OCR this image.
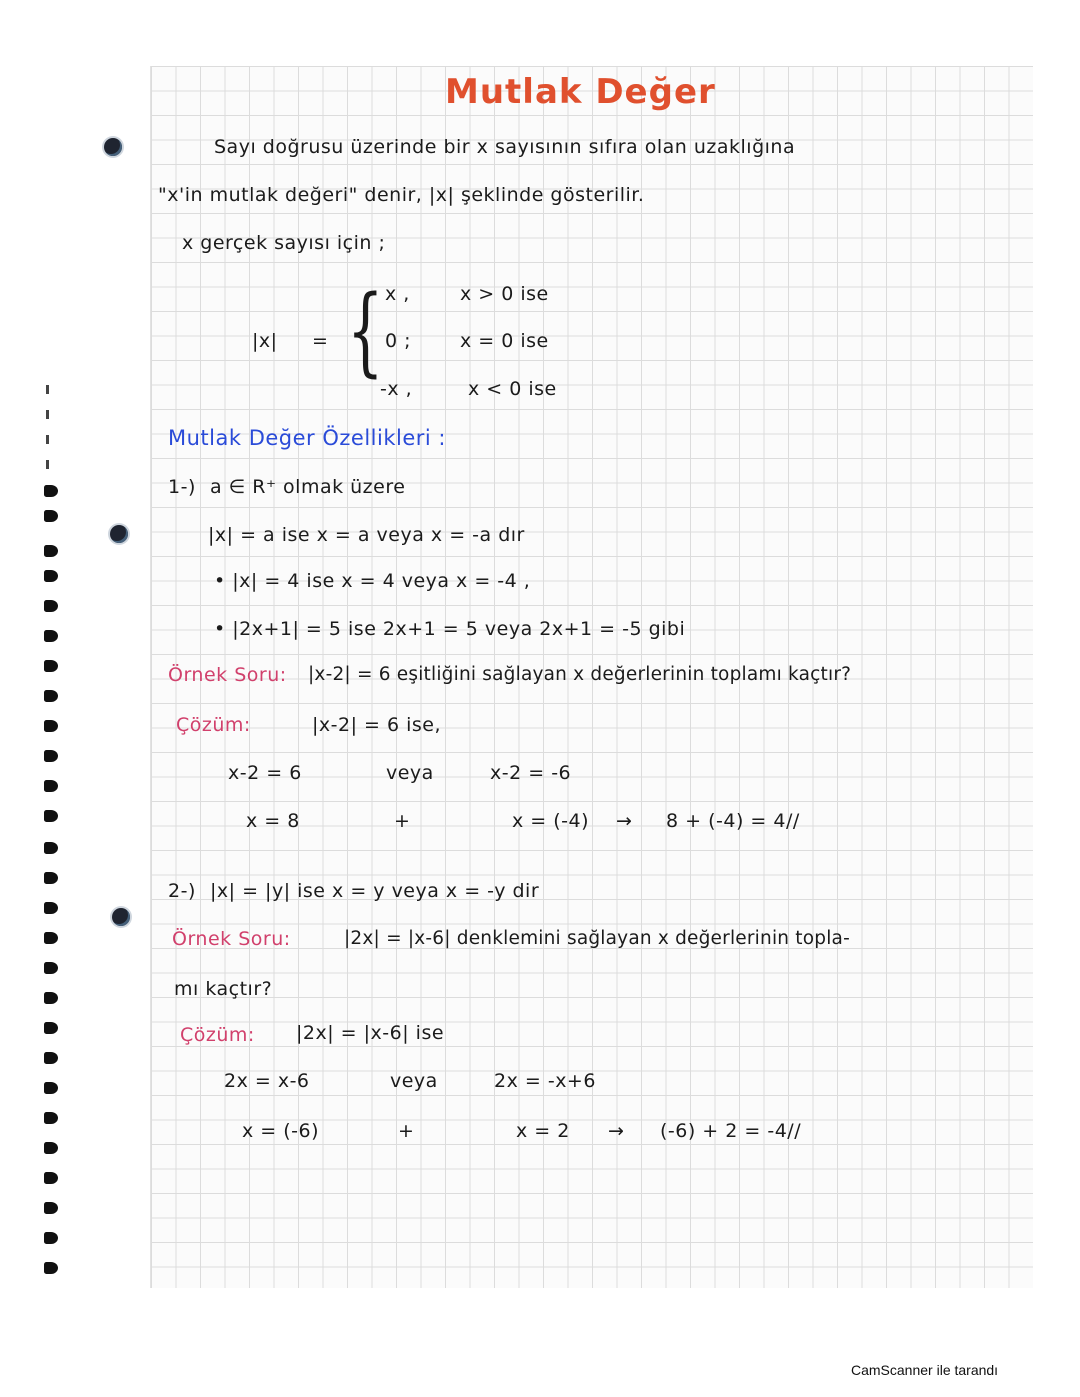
Mutlak Değer
Sayı doğrusu üzerinde bir x sayısının sıfıra olan uzaklığına
"x'in mutlak değeri" denir, |x| şeklinde gösterilir.
x gerçek sayısı için ;
|x| = { x ,	x > 0 ise
0 ;	x = 0 ise
-x ,	x < 0 ise
Mutlak Değer Özellikleri :
1-) a ∈ R⁺ olmak üzere
|x| = a ise x = a veya x = -a dır
• |x| = 4 ise x = 4 veya x = -4 ,
• |2x+1| = 5 ise 2x+1 = 5 veya 2x+1 = -5 gibi
Örnek Soru: |x-2| = 6 eşitliğini sağlayan x değerlerinin toplamı kaçtır?
Çözüm:	|x-2| = 6 ise,
x-2 = 6	veya	x-2 = -6
x = 8	+	x = (-4) → 8 + (-4) = 4//
2-) |x| = |y| ise x = y veya x = -y dir
Örnek Soru:	|2x| = |x-6| denklemini sağlayan x değerlerinin topla-
mı kaçtır?
Çözüm: |2x| = |x-6| ise
2x = x-6	veya	2x = -x+6
x = (-6)	+	x = 2 → (-6) + 2 = -4//
CamScanner ile tarandı
